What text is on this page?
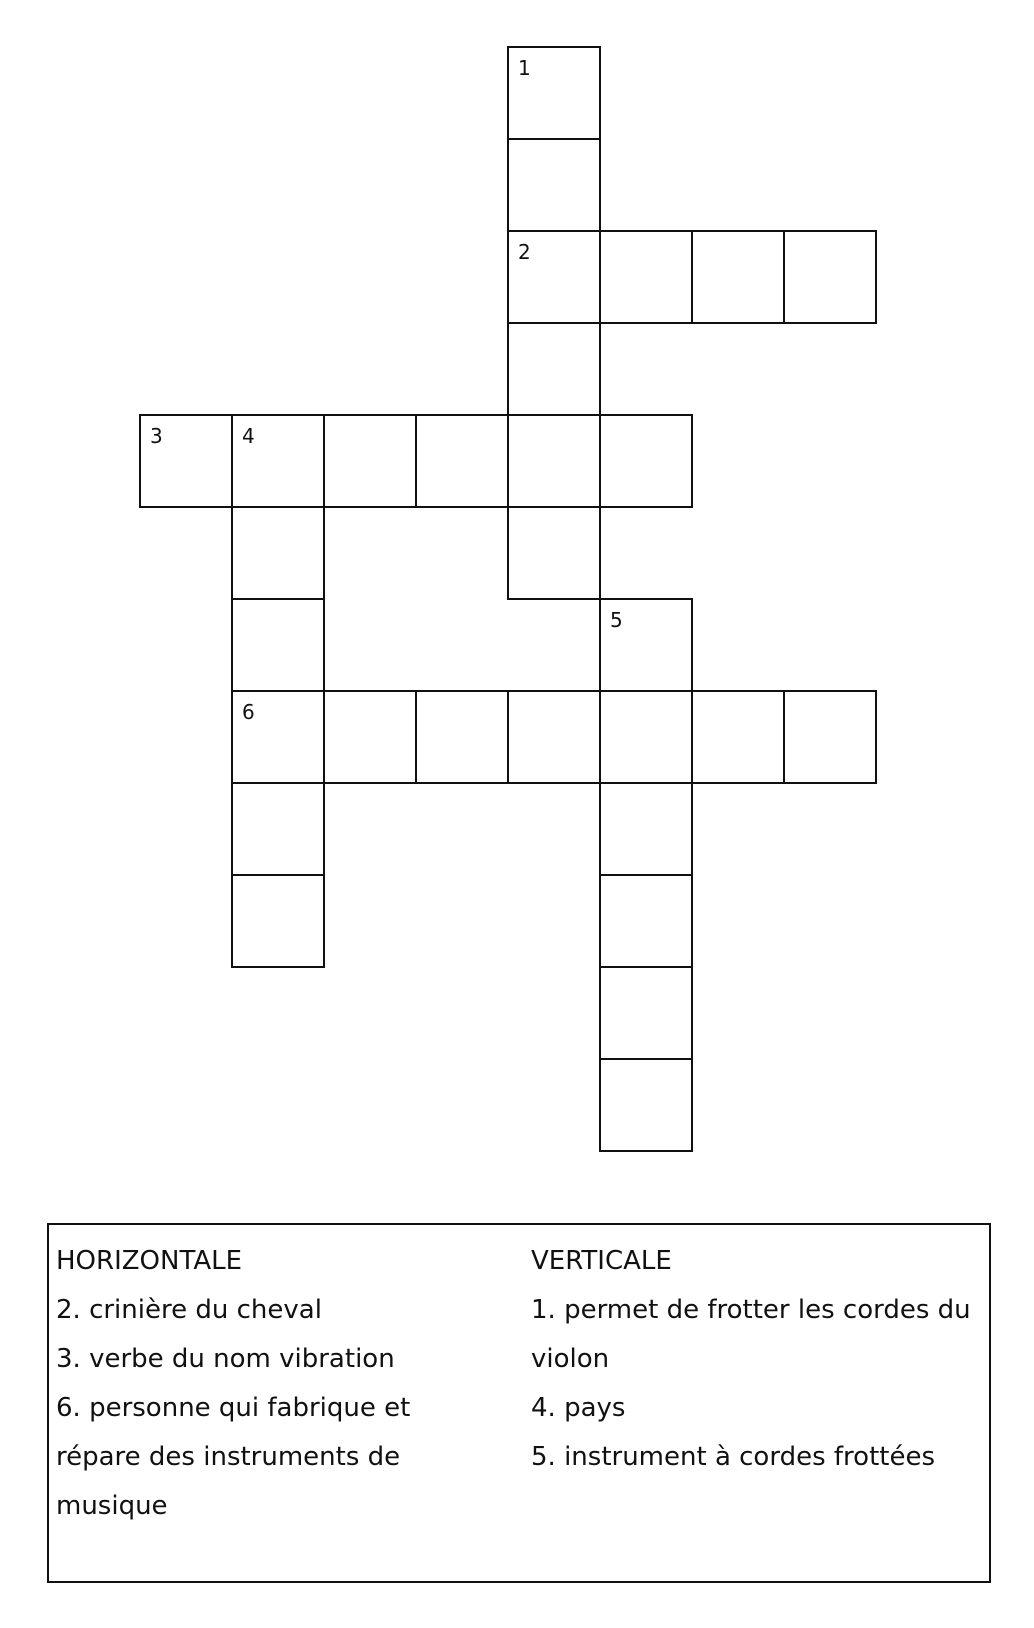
1
2
3	4
5
6
HORIZONTALE
2. crinière du cheval
3. verbe du nom vibration
6. personne qui fabrique et
répare des instruments de
musique
VERTICALE
1. permet de frotter les cordes du
violon
4. pays
5. instrument à cordes frottées
